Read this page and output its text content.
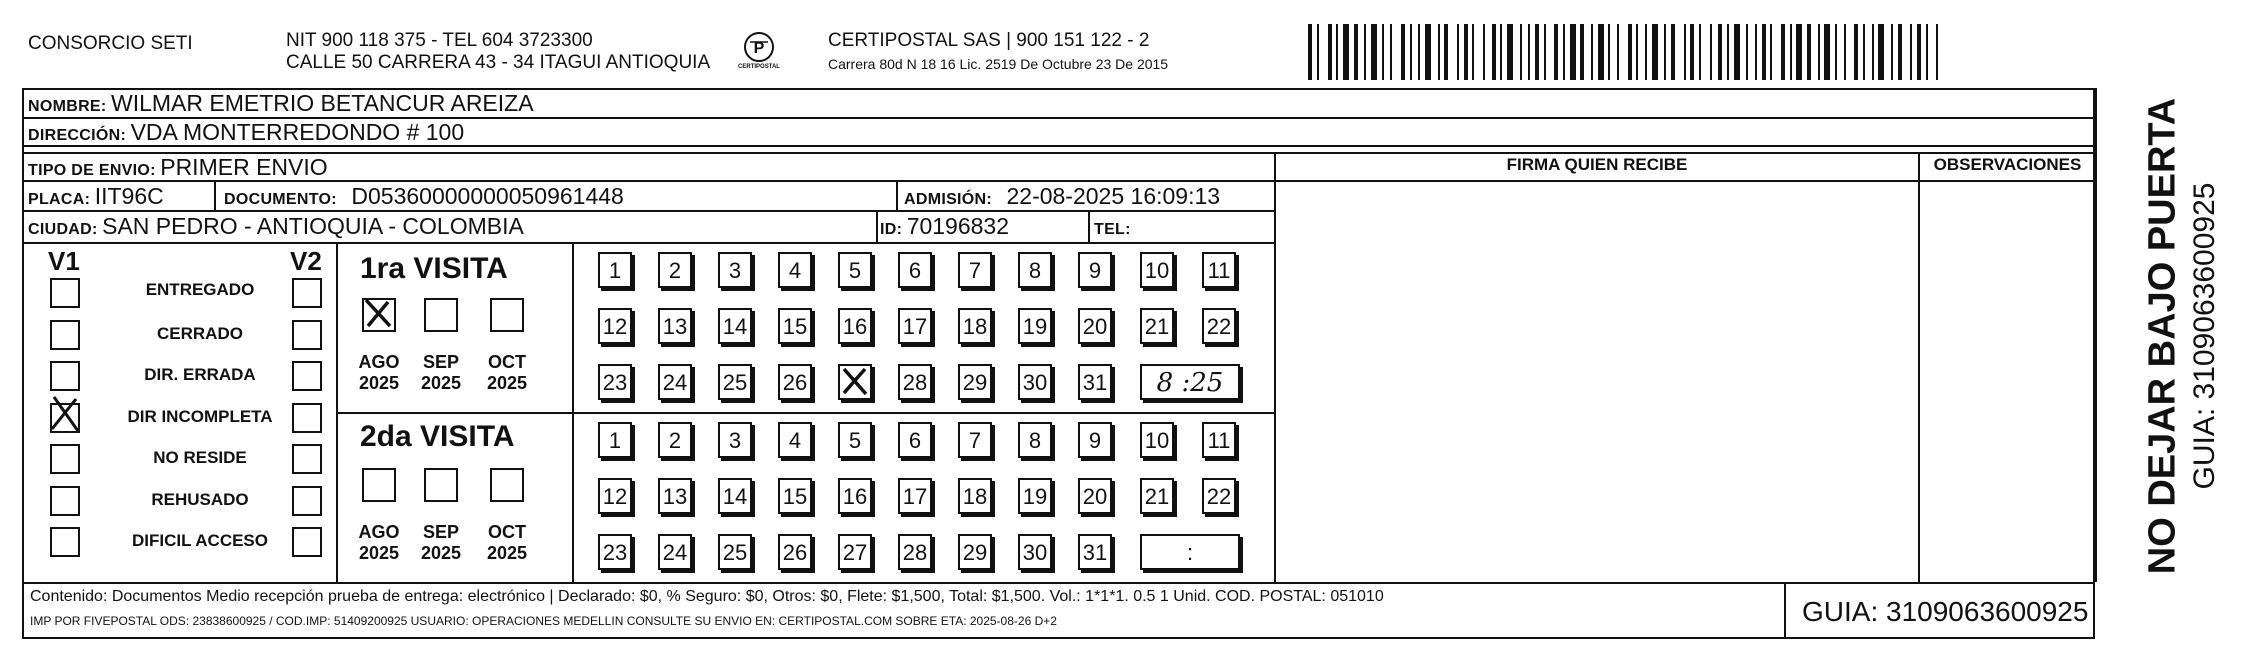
CONSORCIO SETI	NIT 900 118 375 - TEL 604 3723300
CALLE 50 CARRERA 43 - 34 ITAGUI ANTIOQUIA
P
CERTIPOSTAL
CERTIPOSTAL SAS | 900 151 122 - 2
Carrera 80d N 18 16 Lic. 2519 De Octubre 23 De 2015
NOMBRE: WILMAR EMETRIO BETANCUR AREIZA
DIRECCIÓN: VDA MONTERREDONDO # 100
TIPO DE ENVIO: PRIMER ENVIO
PLACA: IIT96C	DOCUMENTO: D05360000000050961448	ADMISIÓN: 22-08-2025 16:09:13
CIUDAD: SAN PEDRO - ANTIOQUIA - COLOMBIA	ID: 70196832	TEL:
FIRMA QUIEN RECIBE	OBSERVACIONES
V1	V2
ENTREGADO
CERRADO
DIR. ERRADA
DIR INCOMPLETA
NO RESIDE
REHUSADO
DIFICIL ACCESO
1ra VISITA
2da VISITA
AGO
2025
SEP
2025
OCT
2025
1	2	3	4	5	6	7	8	9	10 11
12 13 14 15 16 17 18 19 20 21 22
23 24 25 26	28 29 30 31	8 :25
AGO
2025
SEP
2025
OCT
2025
1	2	3	4	5	6	7	8	9	10 11
12 13 14 15 16 17 18 19 20 21 22
23 24 25 26 27 28 29 30 31	:	NO DEJAR BAJO PUERTA GUIA: 3109063600925
Contenido: Documentos Medio recepción prueba de entrega: electrónico | Declarado: $0, % Seguro: $0, Otros: $0, Flete: $1,500, Total: $1,500. Vol.: 1*1*1. 0.5 1 Unid. COD. POSTAL: 051010
IMP POR FIVEPOSTAL ODS: 23838600925 / COD.IMP: 51409200925 USUARIO: OPERACIONES MEDELLIN CONSULTE SU ENVIO EN: CERTIPOSTAL.COM SOBRE ETA: 2025-08-26 D+2	GUIA: 3109063600925
